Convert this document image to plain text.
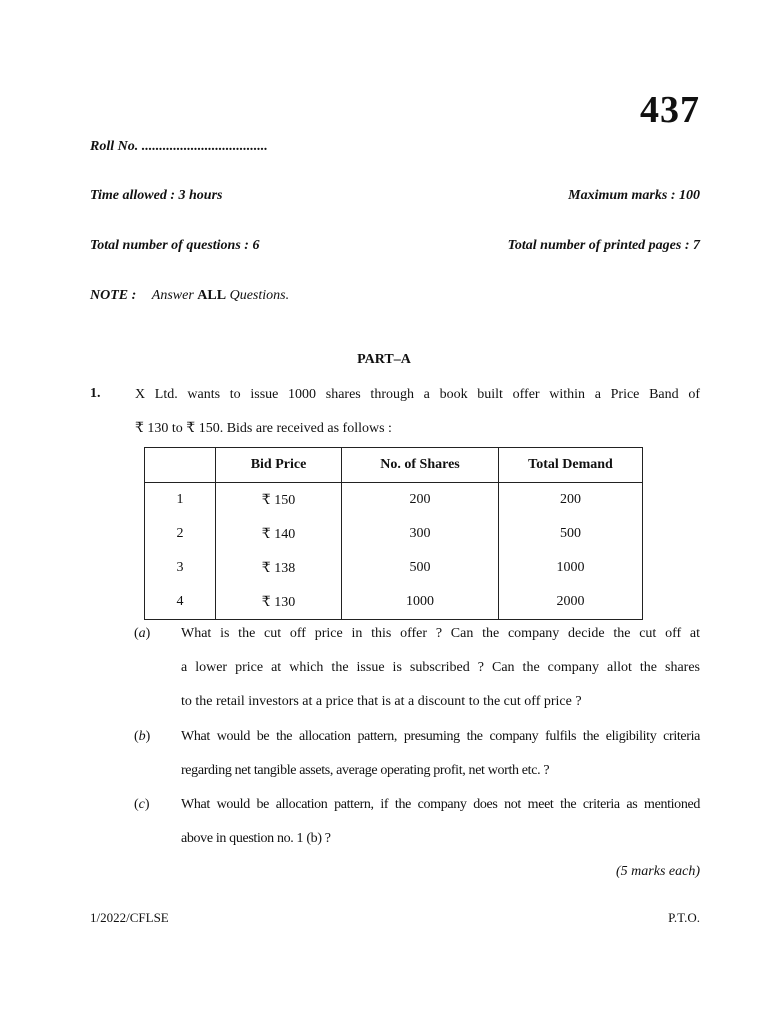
437
Roll No. ....................................
Time allowed : 3 hours	Maximum marks : 100
Total number of questions : 6	Total number of printed pages : 7
NOTE : Answer ALL Questions.
PART–A
1. X Ltd. wants to issue 1000 shares through a book built offer within a Price Band of
₹ 130 to ₹ 150. Bids are received as follows :
	Bid Price	No. of Shares	Total Demand
1	₹ 150	200	200
2	₹ 140	300	500
3	₹ 138	500	1000
4	₹ 130	1000	2000
(a) What is the cut off price in this offer ? Can the company decide the cut off at
a lower price at which the issue is subscribed ? Can the company allot the shares
to the retail investors at a price that is at a discount to the cut off price ?
(b) What would be the allocation pattern, presuming the company fulfils the eligibility criteria
regarding net tangible assets, average operating profit, net worth etc. ?
(c) What would be allocation pattern, if the company does not meet the criteria as mentioned
above in question no. 1 (b) ?
(5 marks each)
1/2022/CFLSE	P.T.O.
